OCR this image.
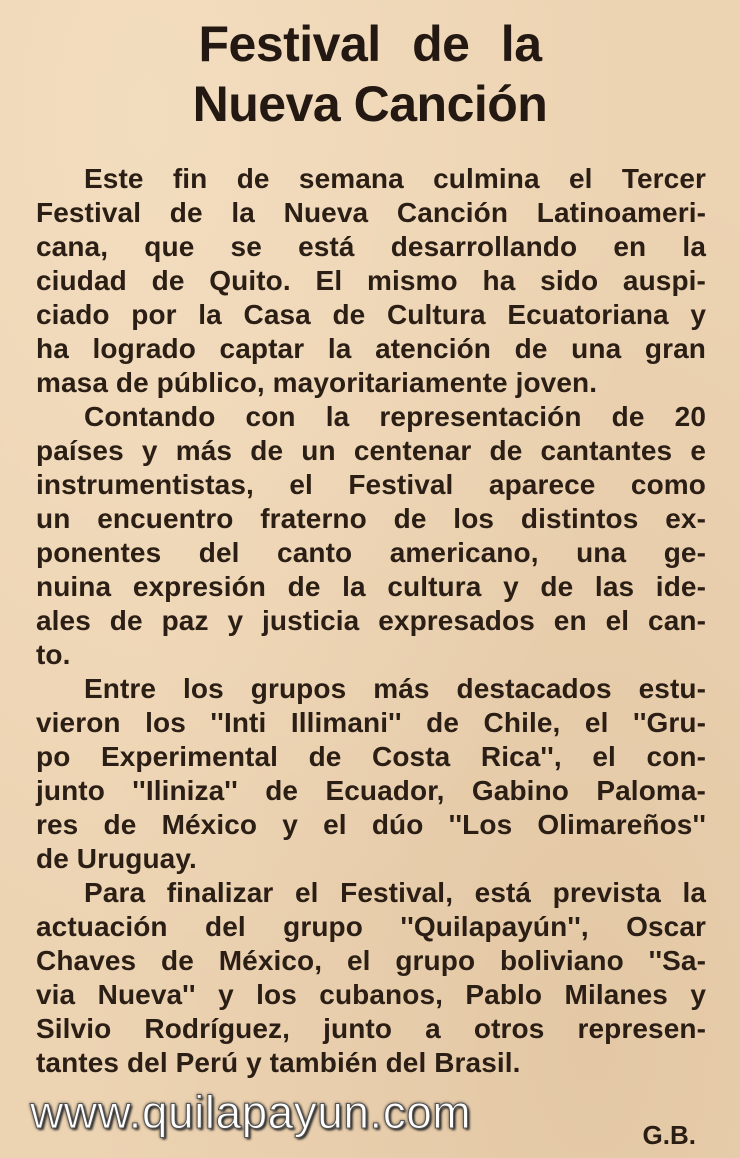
Festival de la
Nueva Canción
Este fin de semana culmina el Tercer
Festival de la Nueva Canción Latinoameri-
cana, que se está desarrollando en la
ciudad de Quito. El mismo ha sido auspi-
ciado por la Casa de Cultura Ecuatoriana y
ha logrado captar la atención de una gran
masa de público, mayoritariamente joven.
Contando con la representación de 20
países y más de un centenar de cantantes e
instrumentistas, el Festival aparece como
un encuentro fraterno de los distintos ex-
ponentes del canto americano, una ge-
nuina expresión de la cultura y de las ide-
ales de paz y justicia expresados en el can-
to.
Entre los grupos más destacados estu-
vieron los ''Inti Illimani'' de Chile, el ''Gru-
po Experimental de Costa Rica'', el con-
junto ''Iliniza'' de Ecuador, Gabino Paloma-
res de México y el dúo ''Los Olimareños''
de Uruguay.
Para finalizar el Festival, está prevista la
actuación del grupo ''Quilapayún'', Oscar
Chaves de México, el grupo boliviano ''Sa-
via Nueva'' y los cubanos, Pablo Milanes y
Silvio Rodríguez, junto a otros represen-
tantes del Perú y también del Brasil.
www.quilapayun.com	G.B.
